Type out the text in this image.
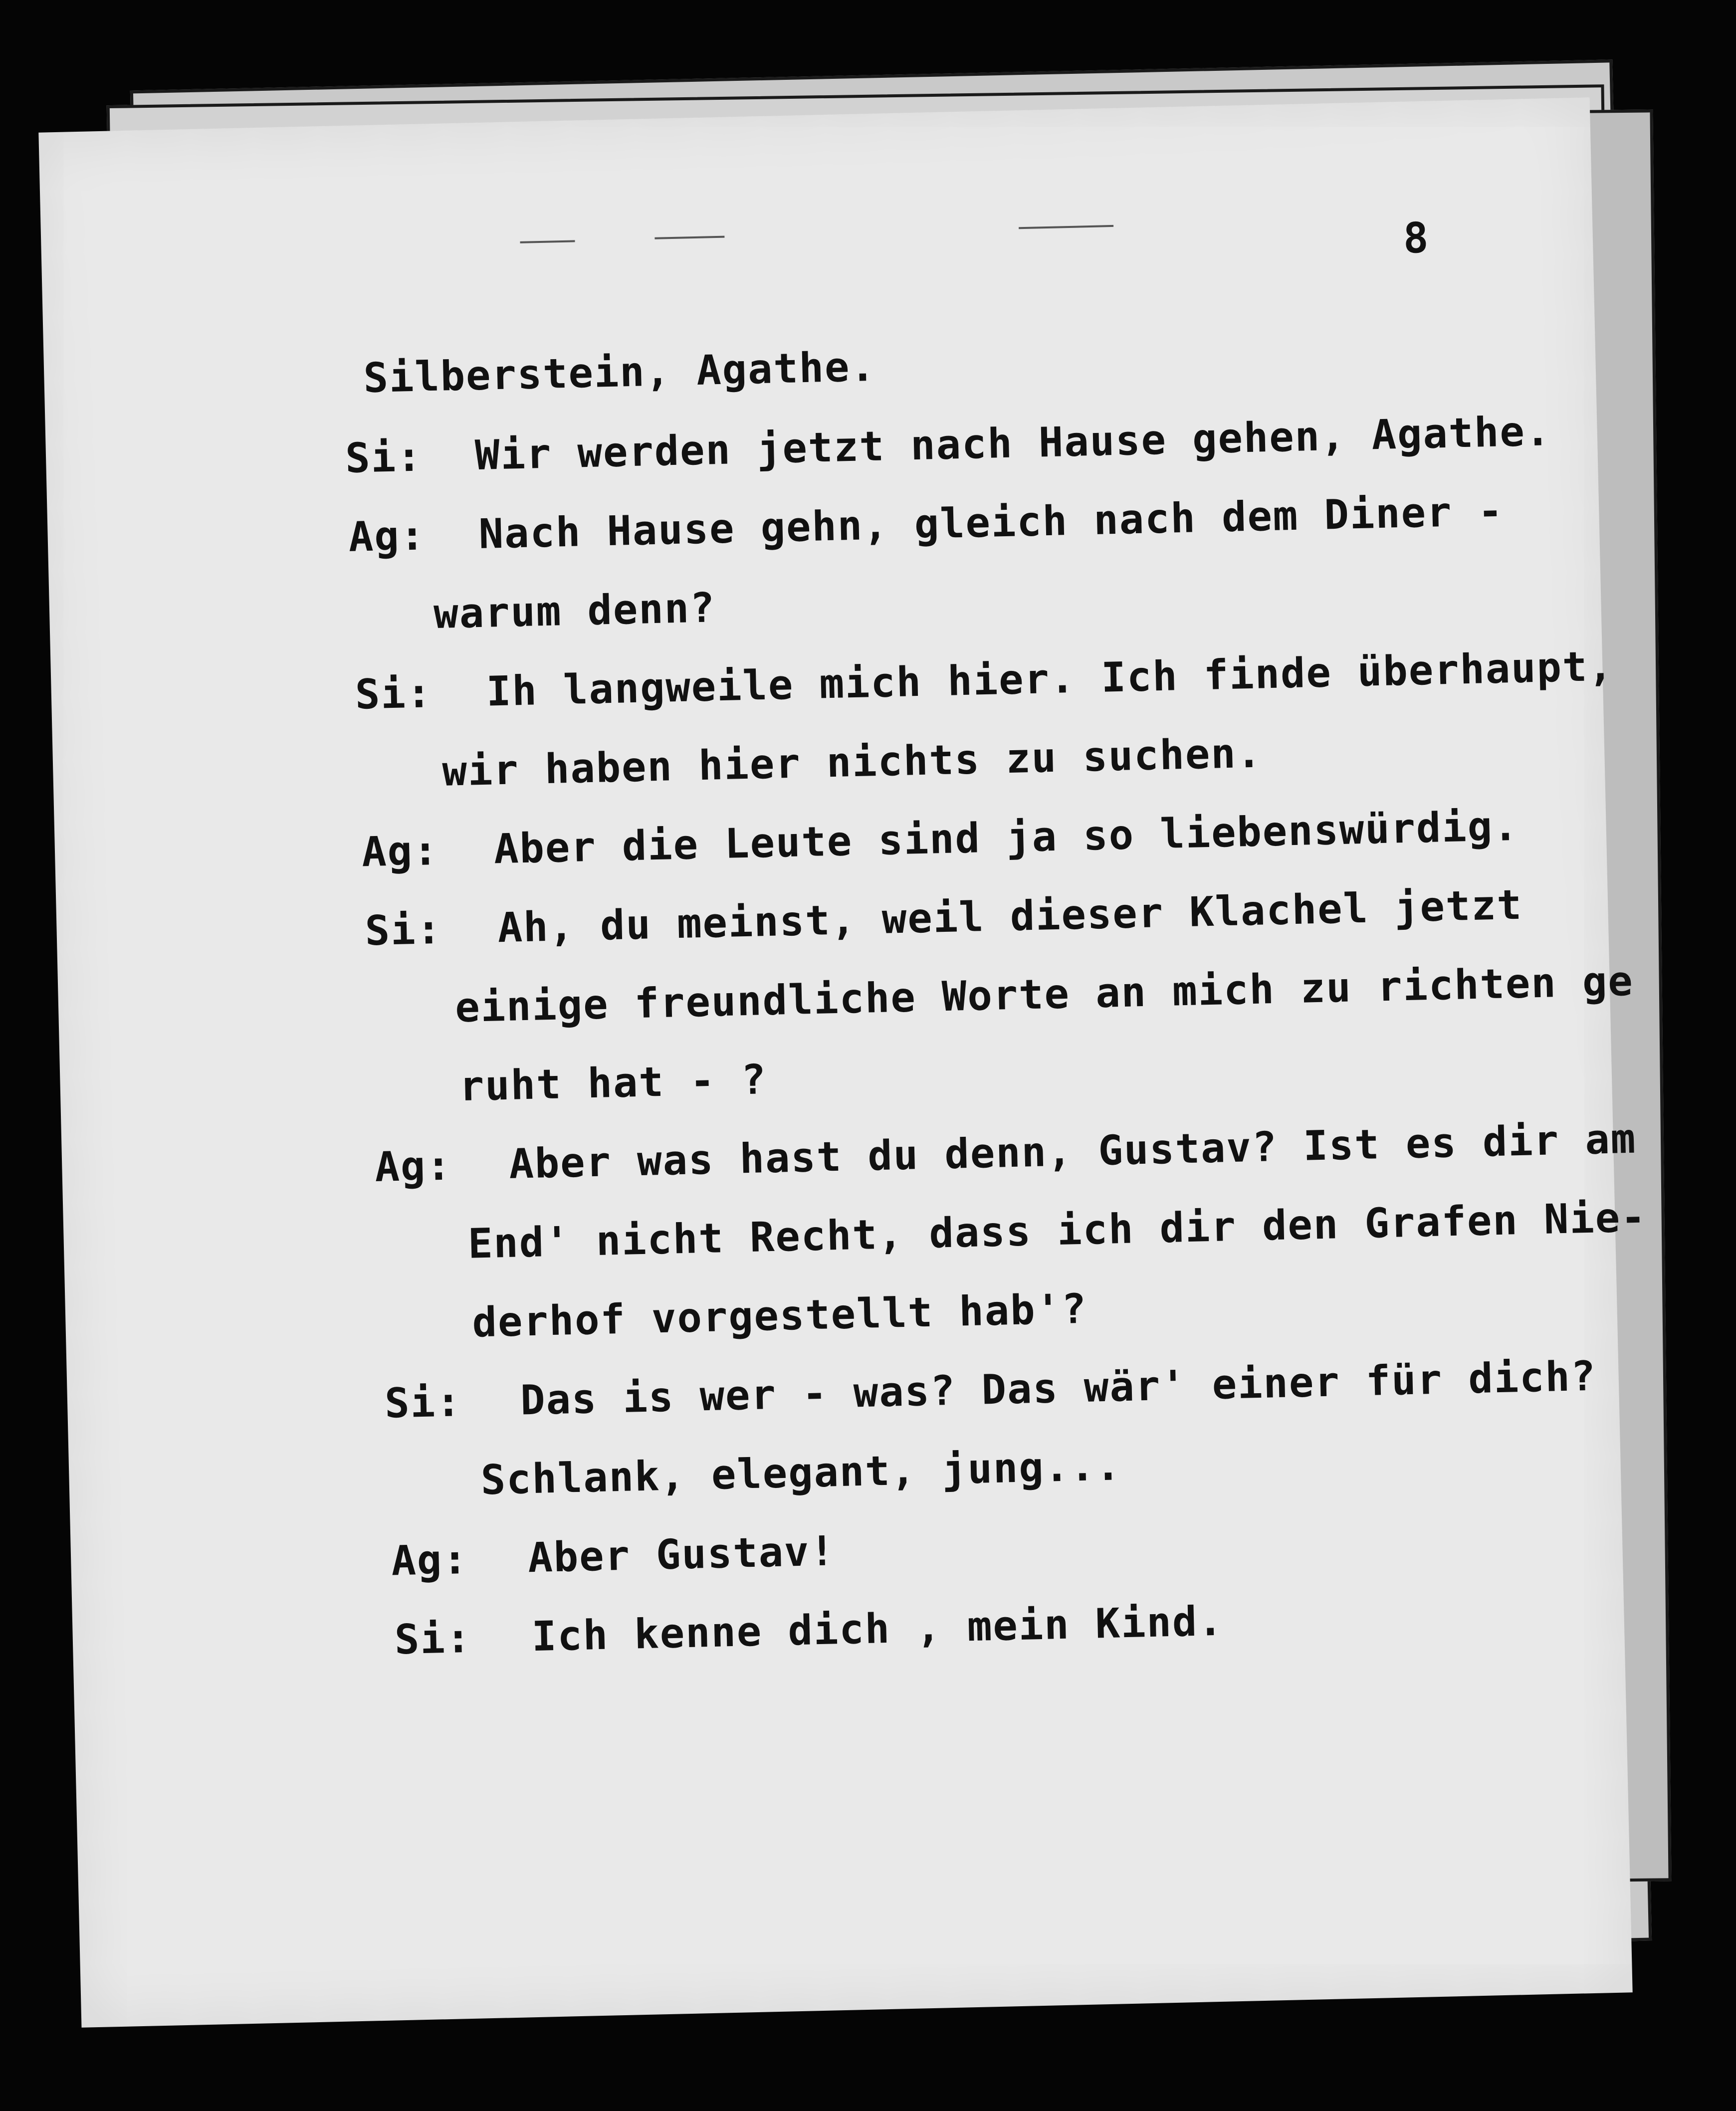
8
Silberstein, Agathe.
Si: Wir werden jetzt nach Hause gehen, Agathe.
Ag: Nach Hause gehn, gleich nach dem Diner -
warum denn?
Si: Ih langweile mich hier. Ich finde überhaupt,
wir haben hier nichts zu suchen.
Ag: Aber die Leute sind ja so liebenswürdig.
Si: Ah, du meinst, weil dieser Klachel jetzt
einige freundliche Worte an mich zu richten ge
ruht hat - ?
Ag: Aber was hast du denn, Gustav? Ist es dir am
End' nicht Recht, dass ich dir den Grafen Nie-
derhof vorgestellt hab'?
Si: Das is wer - was? Das wär' einer für dich?
Schlank, elegant, jung...
Ag: Aber Gustav!
Si: Ich kenne dich , mein Kind.
